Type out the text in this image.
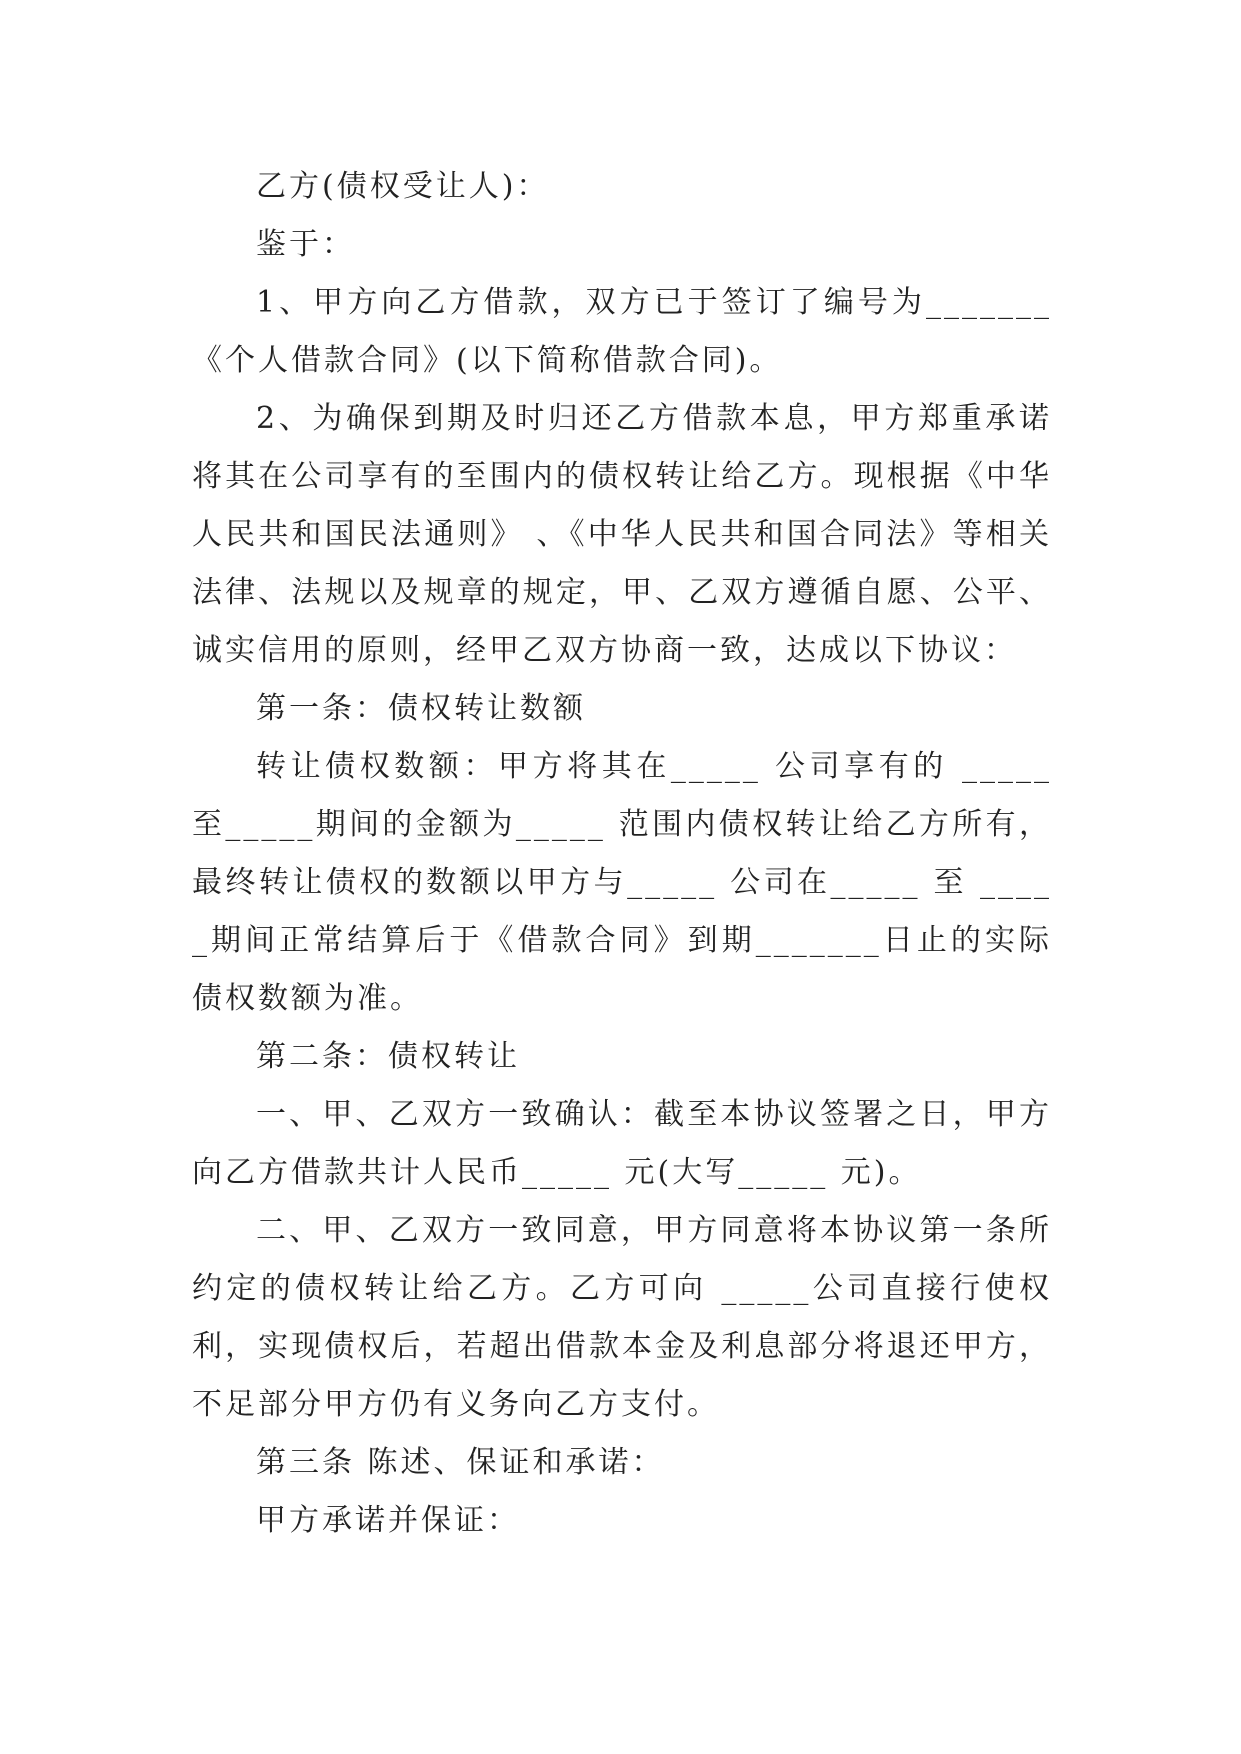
乙方(债权受让人)：

鉴于：

1、甲方向乙方借款，双方已于签订了编号为_______《个人借款合同》(以下简称借款合同)。

2、为确保到期及时归还乙方借款本息，甲方郑重承诺将其在公司享有的至围内的债权转让给乙方。现根据《中华人民共和国民法通则》 、《中华人民共和国合同法》等相关法律、法规以及规章的规定，甲、乙双方遵循自愿、公平、诚实信用的原则，经甲乙双方协商一致，达成以下协议：

第一条：债权转让数额

转让债权数额：甲方将其在_____ 公司享有的 _____至_____期间的金额为_____ 范围内债权转让给乙方所有，最终转让债权的数额以甲方与_____ 公司在_____ 至 _____期间正常结算后于《借款合同》到期_______日止的实际债权数额为准。

第二条：债权转让

一、甲、乙双方一致确认：截至本协议签署之日，甲方向乙方借款共计人民币_____ 元(大写_____ 元)。

二、甲、乙双方一致同意，甲方同意将本协议第一条所约定的债权转让给乙方。乙方可向 _____公司直接行使权利，实现债权后，若超出借款本金及利息部分将退还甲方，不足部分甲方仍有义务向乙方支付。

第三条 陈述、保证和承诺：

甲方承诺并保证：
